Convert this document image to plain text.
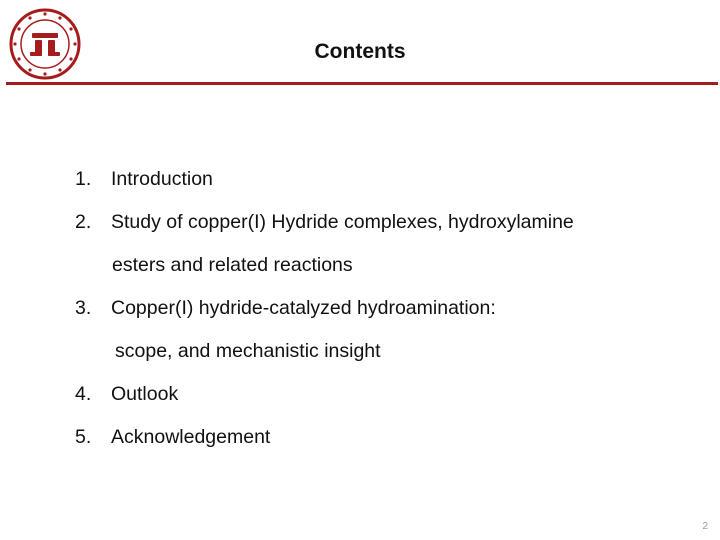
Contents
1. Introduction
2. Study of copper(I) Hydride complexes, hydroxylamine
esters and related reactions
3. Copper(I) hydride-catalyzed hydroamination:
scope, and mechanistic insight
4. Outlook
5. Acknowledgement
2
